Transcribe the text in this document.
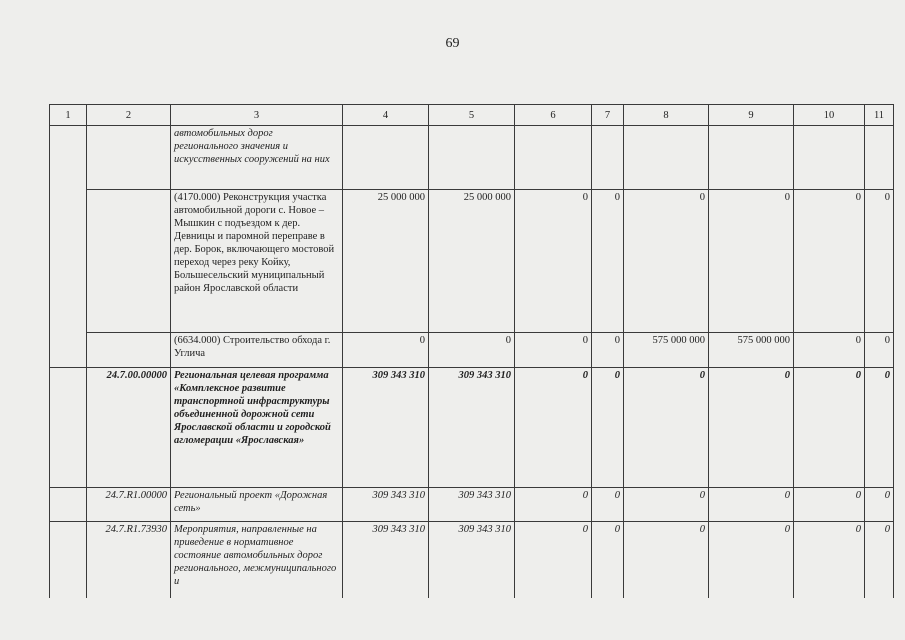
69
1	2	3	4	5	6	7	8	9	10	11
		автомобильных дорог регионального значения и искусственных сооружений на них								
		(4170.000) Реконструкция участка автомобильной дороги с. Новое – Мышкин с подъездом к дер. Девницы и паромной переправе в дер. Борок, включающего мостовой переход через реку Койку, Большесельский муниципальный район Ярославской области	25 000 000	25 000 000	0	0	0	0	0	0
		(6634.000) Строительство обхода г. Углича	0	0	0	0	575 000 000	575 000 000	0	0
	24.7.00.00000	Региональная целевая программа «Комплексное развитие транспортной инфраструктуры объединенной дорожной сети Ярославской области и городской агломерации «Ярославская»	309 343 310	309 343 310	0	0	0	0	0	0
	24.7.R1.00000	Региональный проект «Дорожная сеть»	309 343 310	309 343 310	0	0	0	0	0	0
	24.7.R1.73930	Мероприятия, направленные на приведение в нормативное состояние автомобильных дорог регионального, межмуниципального и	309 343 310	309 343 310	0	0	0	0	0	0
